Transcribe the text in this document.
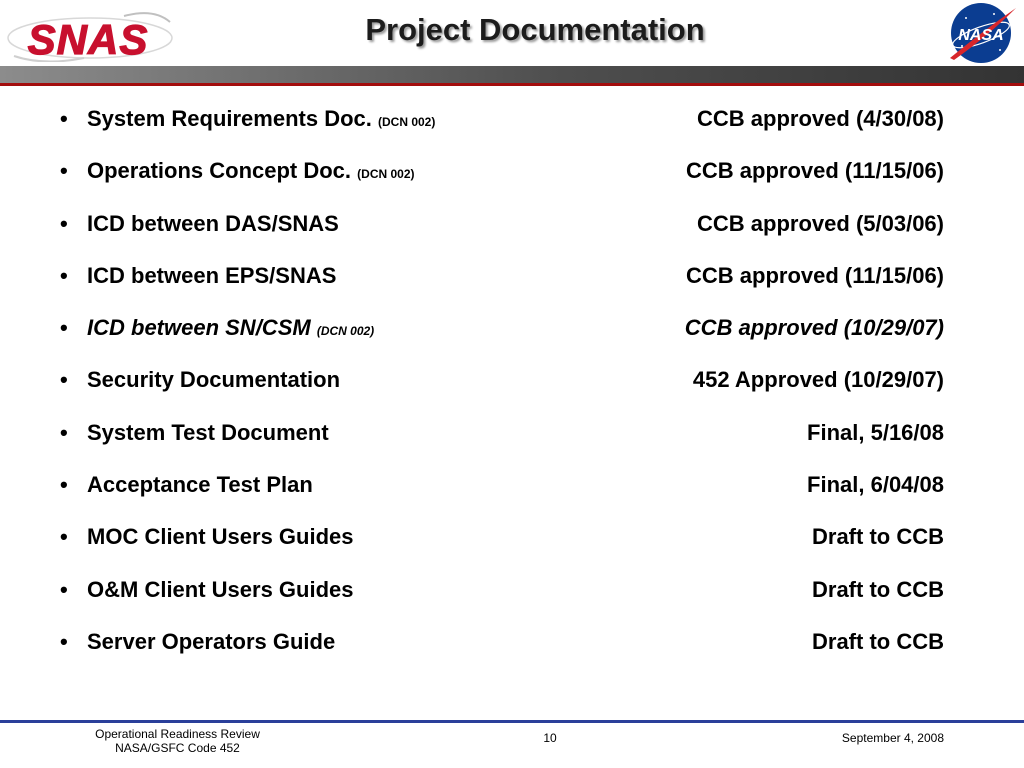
SNAS	Project Documentation	NASA
• System Requirements Doc. (DCN 002)	CCB approved (4/30/08)
• Operations Concept Doc. (DCN 002)	CCB approved (11/15/06)
• ICD between DAS/SNAS	CCB approved (5/03/06)
• ICD between EPS/SNAS	CCB approved (11/15/06)
• ICD between SN/CSM (DCN 002)	CCB approved (10/29/07)
• Security Documentation	452 Approved (10/29/07)
• System Test Document	Final, 5/16/08
• Acceptance Test Plan	Final, 6/04/08
• MOC Client Users Guides	Draft to CCB
• O&M Client Users Guides	Draft to CCB
• Server Operators Guide	Draft to CCB
Operational Readiness Review
NASA/GSFC Code 452
10	September 4, 2008
